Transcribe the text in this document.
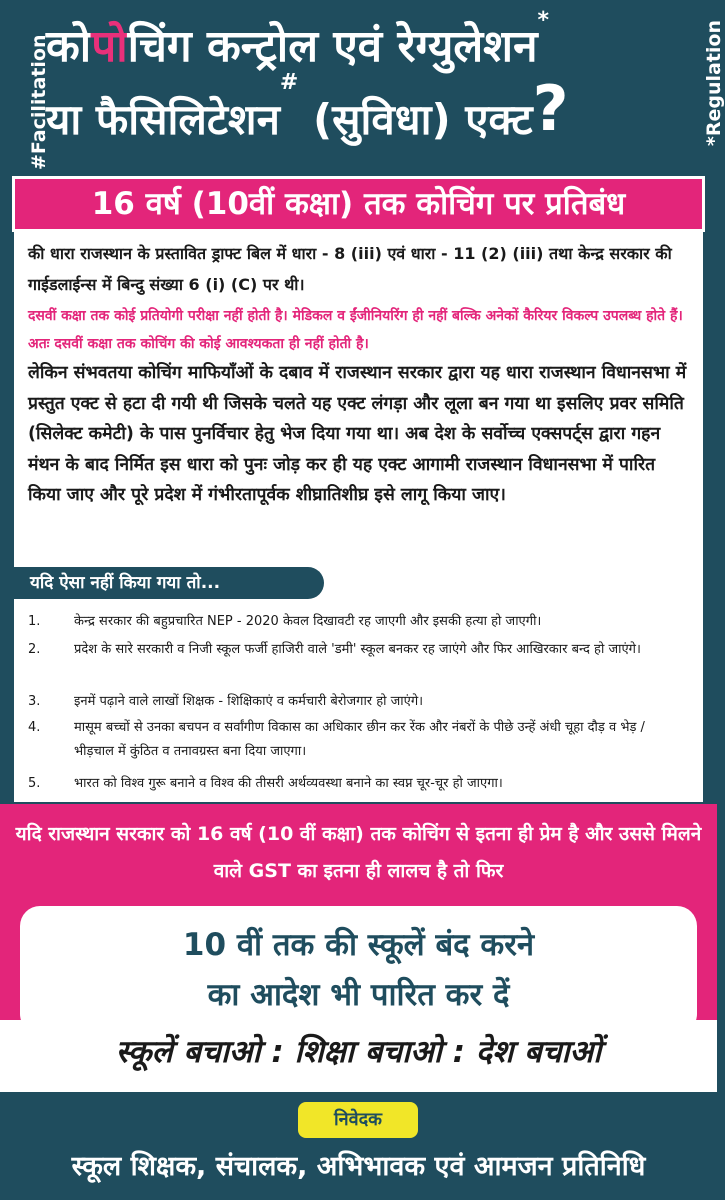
#Facilitation	*Regulation
कोपोचिंग कन्ट्रोल एवं रेग्युलेशन*
या फैसिलिटेशन# (सुविधा) एक्ट?
16 वर्ष (10वीं कक्षा) तक कोचिंग पर प्रतिबंध

की धारा राजस्थान के प्रस्तावित ड्राफ्ट बिल में धारा - 8 (iii) एवं धारा - 11 (2) (iii) तथा केन्द्र सरकार की गाईडलाईन्स में बिन्दु संख्या 6 (i) (C) पर थी।

दसवीं कक्षा तक कोई प्रतियोगी परीक्षा नहीं होती है। मेडिकल व ईंजीनियरिंग ही नहीं बल्कि अनेकों कैरियर विकल्प उपलब्ध होते हैं। अतः दसवीं कक्षा तक कोचिंग की कोई आवश्यकता ही नहीं होती है।

लेकिन संभवतया कोचिंग माफियाँओं के दबाव में राजस्थान सरकार द्वारा यह धारा राजस्थान विधानसभा में प्रस्तुत एक्ट से हटा दी गयी थी जिसके चलते यह एक्ट लंगड़ा और लूला बन गया था इसलिए प्रवर समिति (सिलेक्ट कमेटी) के पास पुनर्विचार हेतु भेज दिया गया था। अब देश के सर्वोच्च एक्सपर्ट्स द्वारा गहन मंथन के बाद निर्मित इस धारा को पुनः जोड़ कर ही यह एक्ट आगामी राजस्थान विधानसभा में पारित किया जाए और पूरे प्रदेश में गंभीरतापूर्वक शीघ्रातिशीघ्र इसे लागू किया जाए।

यदि ऐसा नहीं किया गया तो...
1.	केन्द्र सरकार की बहुप्रचारित NEP - 2020 केवल दिखावटी रह जाएगी और इसकी हत्या हो जाएगी।
2.	प्रदेश के सारे सरकारी व निजी स्कूल फर्जी हाजिरी वाले 'डमी' स्कूल बनकर रह जाएंगे और फिर आखिरकार बन्द हो जाएंगे।
3.	इनमें पढ़ाने वाले लाखों शिक्षक - शिक्षिकाएं व कर्मचारी बेरोजगार हो जाएंगे।
4.	मासूम बच्चों से उनका बचपन व सर्वांगीण विकास का अधिकार छीन कर रेंक और नंबरों के पीछे उन्हें अंधी चूहा दौड़ व भेड़ / भीड़चाल में कुंठित व तनावग्रस्त बना दिया जाएगा।
5.	भारत को विश्व गुरू बनाने व विश्व की तीसरी अर्थव्यवस्था बनाने का स्वप्न चूर-चूर हो जाएगा।
यदि राजस्थान सरकार को 16 वर्ष (10 वीं कक्षा) तक कोचिंग से इतना ही प्रेम है और उससे मिलने वाले GST का इतना ही लालच है तो फिर
10 वीं तक की स्कूलें बंद करने
का आदेश भी पारित कर दें
स्कूलें बचाओ : शिक्षा बचाओ : देश बचाओं
निवेदक
स्कूल शिक्षक, संचालक, अभिभावक एवं आमजन प्रतिनिधि
